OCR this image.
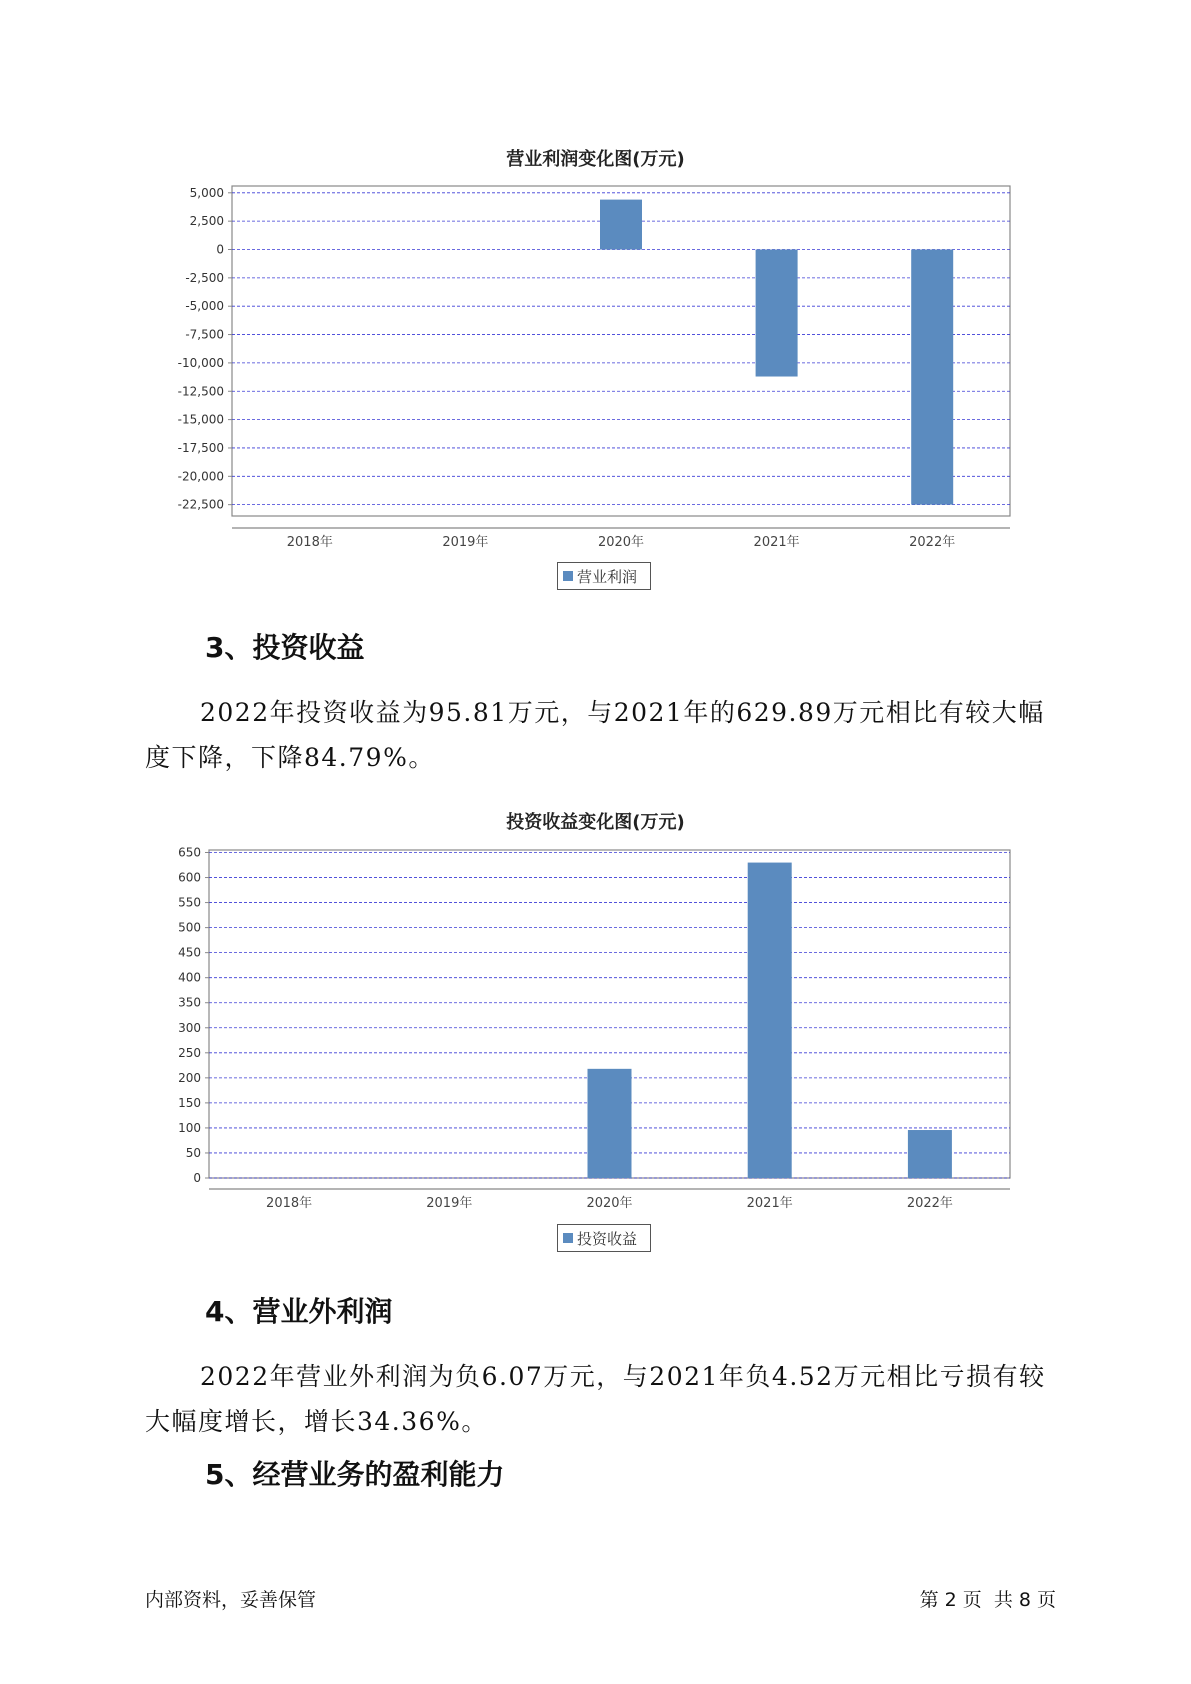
营业利润变化图(万元)
5,000
2,500
0
-2,500
-5,000
-7,500
-10,000
-12,500
-15,000
-17,500
-20,000
-22,500
2018年	2019年	2020年	2021年	2022年
营业利润
3、投资收益
2022年投资收益为95.81万元，与2021年的629.89万元相比有较大幅度下降，下降84.79%。
投资收益变化图(万元)
650
600
550
500
450
400
350
300
250
200
150
100
50
0
2018年	2019年	2020年	2021年	2022年
投资收益
4、营业外利润
2022年营业外利润为负6.07万元，与2021年负4.52万元相比亏损有较大幅度增长，增长34.36%。
5、经营业务的盈利能力
内部资料，妥善保管	第 2 页  共 8 页
